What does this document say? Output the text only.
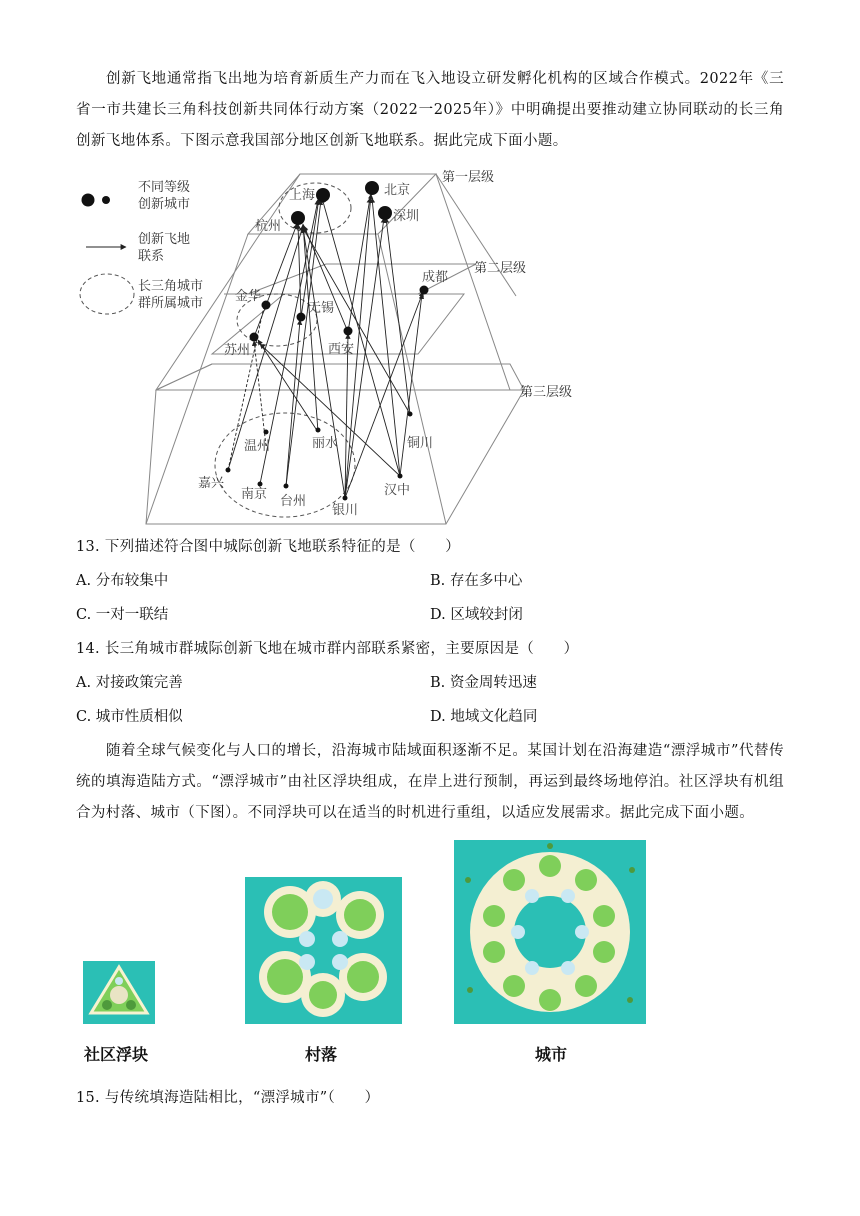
创新飞地通常指飞出地为培育新质生产力而在飞入地设立研发孵化机构的区域合作模式。2022年《三省一市共建长三角科技创新共同体行动方案（2022一2025年）》中明确提出要推动建立协同联动的长三角创新飞地体系。下图示意我国部分地区创新飞地联系。据此完成下面小题。
不同等级创新城市
创新飞地联系
长三角城市群所属城市
第一层级
第二层级
第三层级
上海	北京
杭州
深圳
成都
金华
无锡
苏州	西安
温州	丽水	铜川
嘉兴
南京 台州
汉中
银川
13. 下列描述符合图中城际创新飞地联系特征的是（　　）
A. 分布较集中	B. 存在多中心
C. 一对一联结	D. 区域较封闭
14. 长三角城市群城际创新飞地在城市群内部联系紧密，主要原因是（　　）
A. 对接政策完善	B. 资金周转迅速
C. 城市性质相似	D. 地域文化趋同
随着全球气候变化与人口的增长，沿海城市陆域面积逐渐不足。某国计划在沿海建造“漂浮城市”代替传统的填海造陆方式。“漂浮城市”由社区浮块组成，在岸上进行预制，再运到最终场地停泊。社区浮块有机组合为村落、城市（下图）。不同浮块可以在适当的时机进行重组，以适应发展需求。据此完成下面小题。
社区浮块	村落	城市
15. 与传统填海造陆相比，“漂浮城市”（　　）
